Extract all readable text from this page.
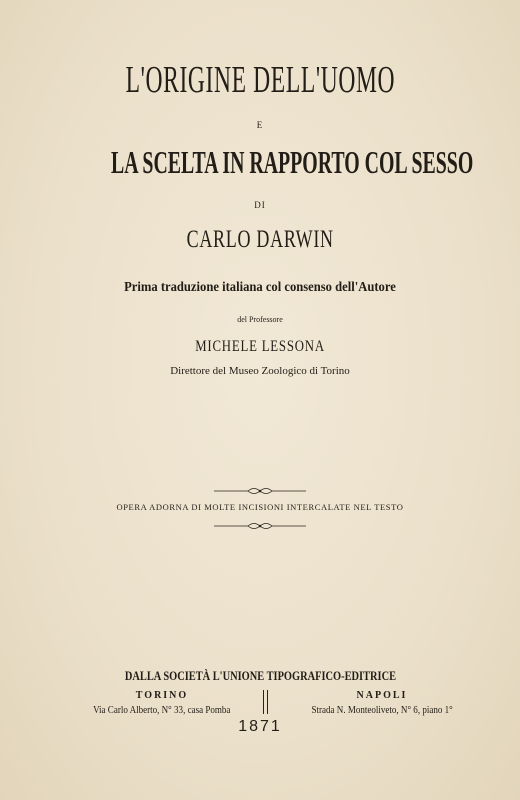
L'ORIGINE DELL'UOMO
E
LA SCELTA IN RAPPORTO COL SESSO
DI
CARLO DARWIN
Prima traduzione italiana col consenso dell'Autore
del Professore
MICHELE LESSONA
Direttore del Museo Zoologico di Torino
OPERA ADORNA DI MOLTE INCISIONI INTERCALATE NEL TESTO
DALLA SOCIETÀ L'UNIONE TIPOGRAFICO-EDITRICE
TORINO
Via Carlo Alberto, N° 33, casa Pomba
NAPOLI
Strada N. Monteoliveto, N° 6, piano 1°
1871
